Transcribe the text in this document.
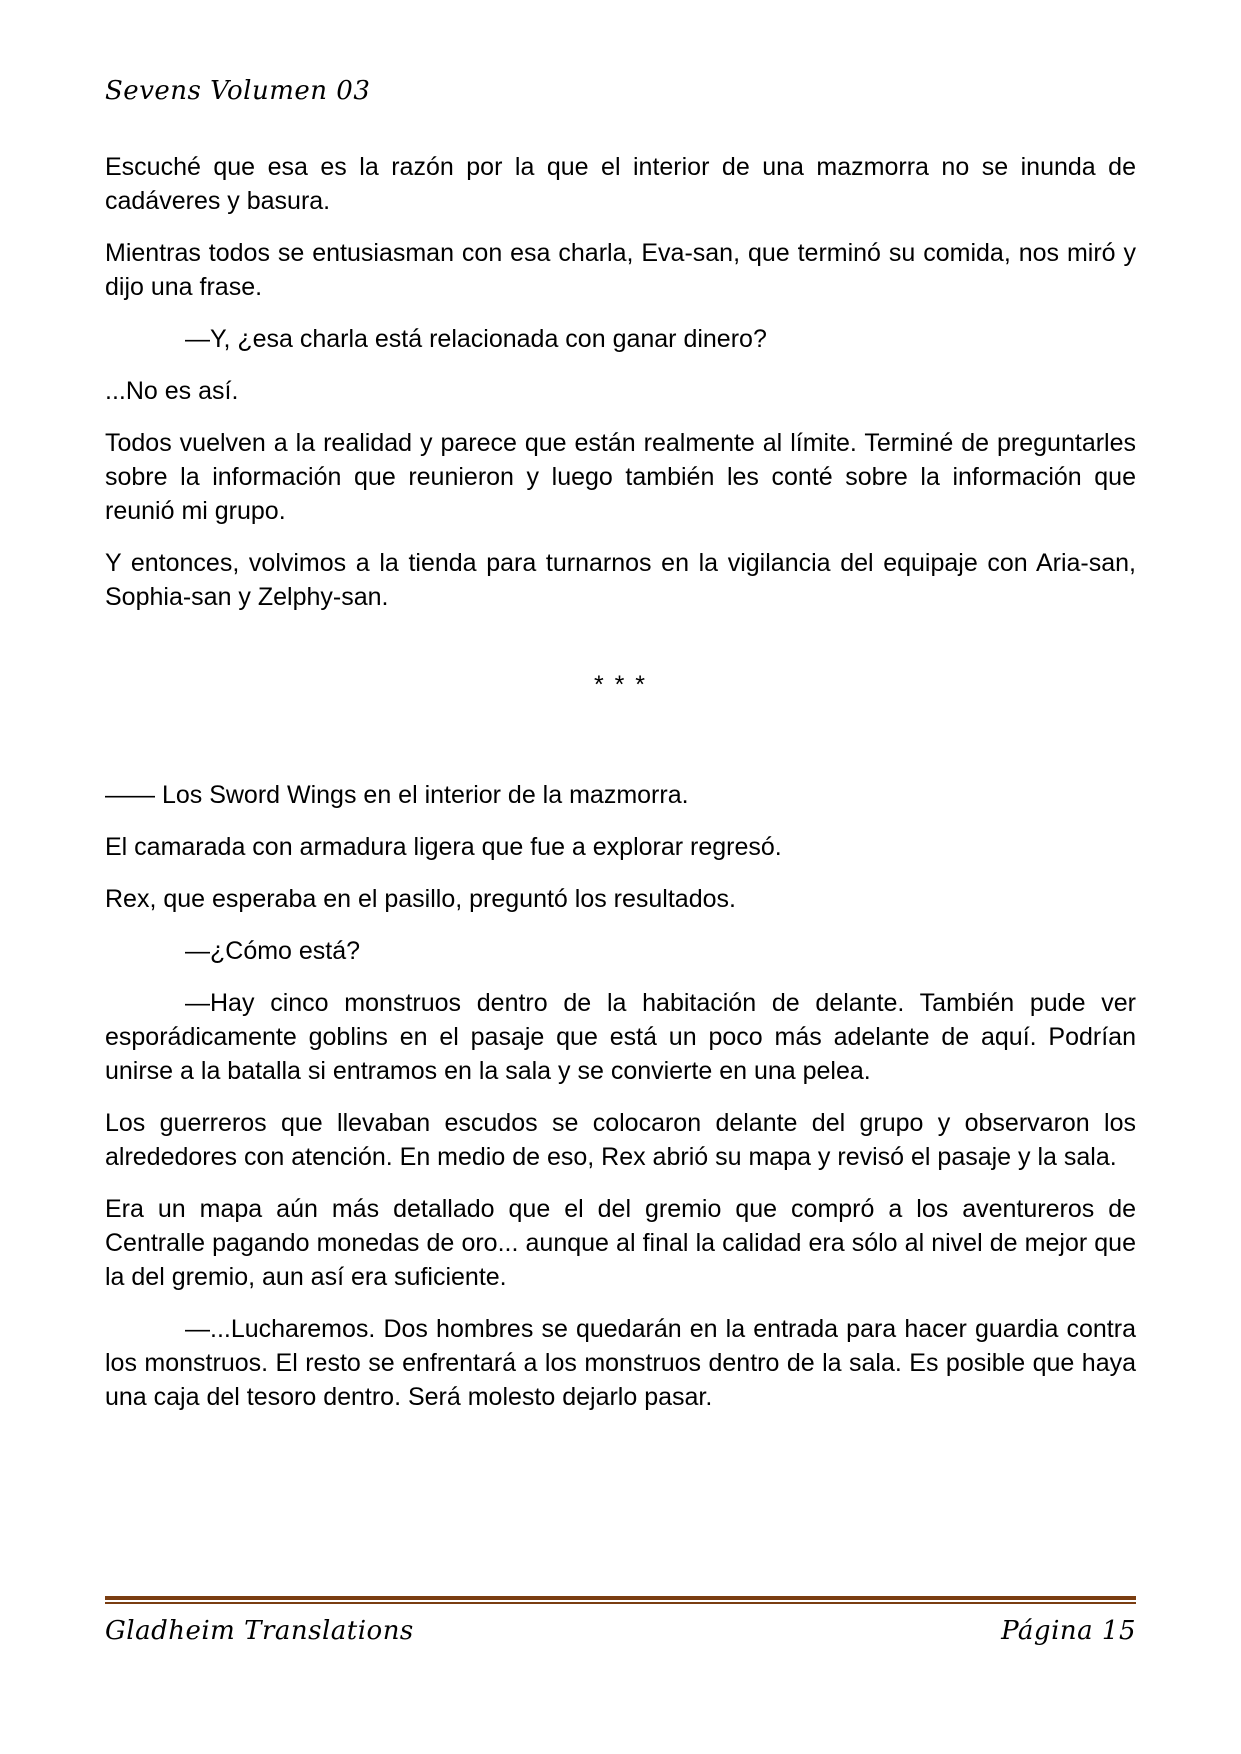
Sevens Volumen 03

Escuché que esa es la razón por la que el interior de una mazmorra no se inunda de cadáveres y basura.

Mientras todos se entusiasman con esa charla, Eva-san, que terminó su comida, nos miró y dijo una frase.

—Y, ¿esa charla está relacionada con ganar dinero?

...No es así.

Todos vuelven a la realidad y parece que están realmente al límite. Terminé de preguntarles sobre la información que reunieron y luego también les conté sobre la información que reunió mi grupo.

Y entonces, volvimos a la tienda para turnarnos en la vigilancia del equipaje con Aria-san, Sophia-san y Zelphy-san.

* * *

—— Los Sword Wings en el interior de la mazmorra.

El camarada con armadura ligera que fue a explorar regresó.

Rex, que esperaba en el pasillo, preguntó los resultados.

—¿Cómo está?

—Hay cinco monstruos dentro de la habitación de delante. También pude ver esporádicamente goblins en el pasaje que está un poco más adelante de aquí. Podrían unirse a la batalla si entramos en la sala y se convierte en una pelea.

Los guerreros que llevaban escudos se colocaron delante del grupo y observaron los alrededores con atención. En medio de eso, Rex abrió su mapa y revisó el pasaje y la sala.

Era un mapa aún más detallado que el del gremio que compró a los aventureros de Centralle pagando monedas de oro... aunque al final la calidad era sólo al nivel de mejor que la del gremio, aun así era suficiente.

—...Lucharemos. Dos hombres se quedarán en la entrada para hacer guardia contra los monstruos. El resto se enfrentará a los monstruos dentro de la sala. Es posible que haya una caja del tesoro dentro. Será molesto dejarlo pasar.

Gladheim Translations	Página 15
